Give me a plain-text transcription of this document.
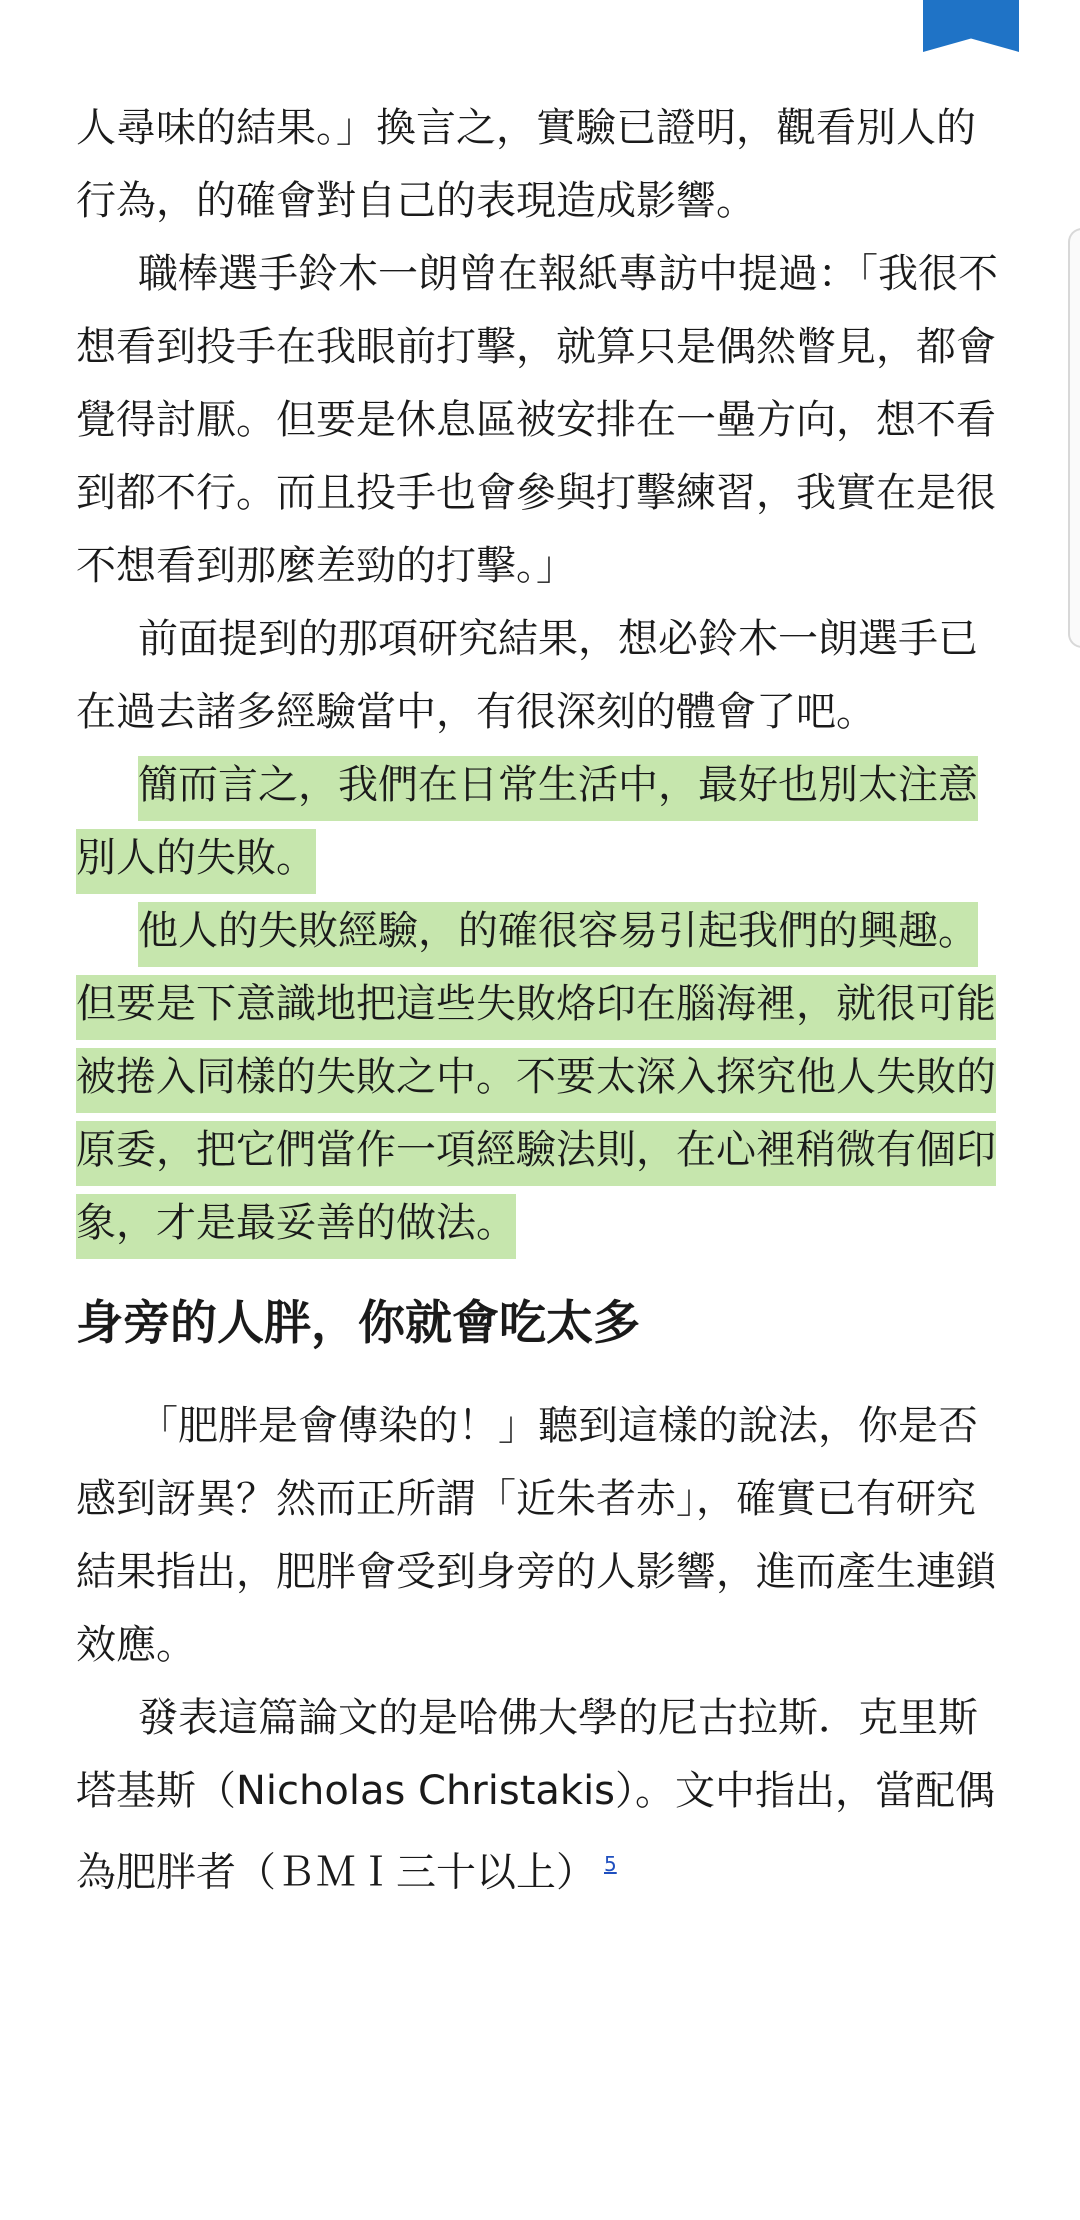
人尋味的結果。」換言之，實驗已證明，觀看別人的行為，的確會對自己的表現造成影響。

職棒選手鈴木一朗曾在報紙專訪中提過：「我很不想看到投手在我眼前打擊，就算只是偶然瞥見，都會覺得討厭。但要是休息區被安排在一壘方向，想不看到都不行。而且投手也會參與打擊練習，我實在是很不想看到那麼差勁的打擊。」

前面提到的那項研究結果，想必鈴木一朗選手已在過去諸多經驗當中，有很深刻的體會了吧。

簡而言之，我們在日常生活中，最好也別太注意別人的失敗。

他人的失敗經驗，的確很容易引起我們的興趣。但要是下意識地把這些失敗烙印在腦海裡，就很可能被捲入同樣的失敗之中。不要太深入探究他人失敗的原委，把它們當作一項經驗法則，在心裡稍微有個印象，才是最妥善的做法。

身旁的人胖，你就會吃太多

「肥胖是會傳染的！」聽到這樣的說法，你是否感到訝異？然而正所謂「近朱者赤」，確實已有研究結果指出，肥胖會受到身旁的人影響，進而產生連鎖效應。

發表這篇論文的是哈佛大學的尼古拉斯．克里斯塔基斯（Nicholas Christakis）。文中指出，當配偶為肥胖者（ＢＭＩ三十以上） $^5$
